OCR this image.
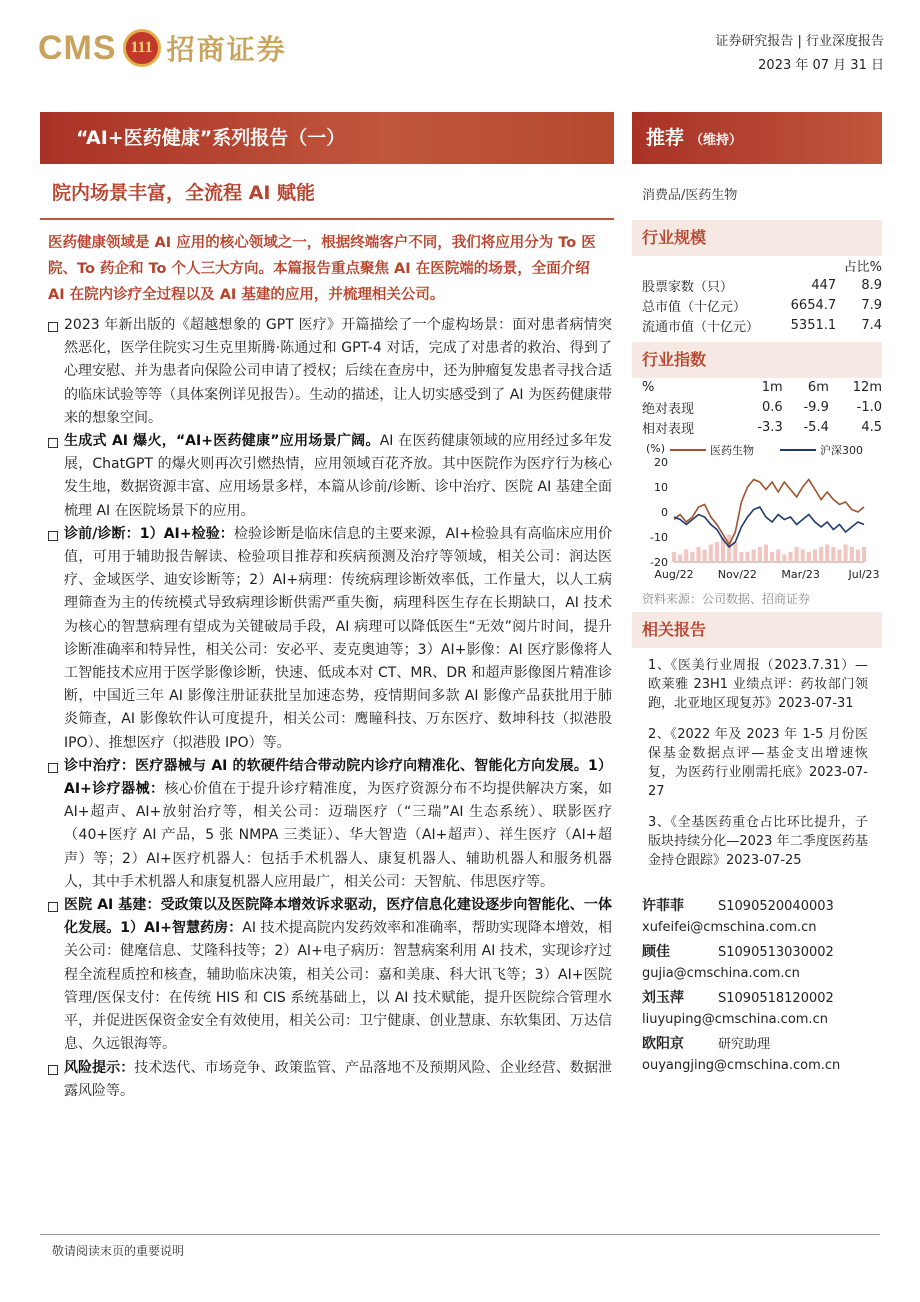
CMS 111 招商证券	证券研究报告 | 行业深度报告
2023 年 07 月 31 日
“AI+医药健康”系列报告（一）
院内场景丰富，全流程 AI 赋能
医药健康领域是 AI 应用的核心领域之一，根据终端客户不同，我们将应用分为 To 医院、To 药企和 To 个人三大方向。本篇报告重点聚焦 AI 在医院端的场景，全面介绍 AI 在院内诊疗全过程以及 AI 基建的应用，并梳理相关公司。

2023 年新出版的《超越想象的 GPT 医疗》开篇描绘了一个虚构场景：面对患者病情突然恶化，医学住院实习生克里斯腾·陈通过和 GPT-4 对话，完成了对患者的救治、得到了心理安慰、并为患者向保险公司申请了授权；后续在查房中，还为肿瘤复发患者寻找合适的临床试验等等（具体案例详见报告）。生动的描述，让人切实感受到了 AI 为医药健康带来的想象空间。

生成式 AI 爆火，“AI+医药健康”应用场景广阔。AI 在医药健康领域的应用经过多年发展，ChatGPT 的爆火则再次引燃热情，应用领域百花齐放。其中医院作为医疗行为核心发生地，数据资源丰富、应用场景多样，本篇从诊前/诊断、诊中治疗、医院 AI 基建全面梳理 AI 在医院场景下的应用。

诊前/诊断：1）AI+检验：检验诊断是临床信息的主要来源，AI+检验具有高临床应用价值，可用于辅助报告解读、检验项目推荐和疾病预测及治疗等领域，相关公司：润达医疗、金域医学、迪安诊断等；2）AI+病理：传统病理诊断效率低，工作量大，以人工病理筛查为主的传统模式导致病理诊断供需严重失衡，病理科医生存在长期缺口，AI 技术为核心的智慧病理有望成为关键破局手段，AI 病理可以降低医生“无效”阅片时间，提升诊断准确率和特异性，相关公司：安必平、麦克奥迪等；3）AI+影像：AI 医疗影像将人工智能技术应用于医学影像诊断，快速、低成本对 CT、MR、DR 和超声影像图片精准诊断，中国近三年 AI 影像注册证获批呈加速态势，疫情期间多款 AI 影像产品获批用于肺炎筛查，AI 影像软件认可度提升，相关公司：鹰瞳科技、万东医疗、数坤科技（拟港股 IPO）、推想医疗（拟港股 IPO）等。

诊中治疗：医疗器械与 AI 的软硬件结合带动院内诊疗向精准化、智能化方向发展。1）AI+诊疗器械：核心价值在于提升诊疗精准度，为医疗资源分布不均提供解决方案，如 AI+超声、AI+放射治疗等，相关公司：迈瑞医疗（“三瑞”AI 生态系统）、联影医疗（40+医疗 AI 产品，5 张 NMPA 三类证）、华大智造（AI+超声）、祥生医疗（AI+超声）等；2）AI+医疗机器人：包括手术机器人、康复机器人、辅助机器人和服务机器人，其中手术机器人和康复机器人应用最广，相关公司：天智航、伟思医疗等。

医院 AI 基建：受政策以及医院降本增效诉求驱动，医疗信息化建设逐步向智能化、一体化发展。1）AI+智慧药房：AI 技术提高院内发药效率和准确率，帮助实现降本增效，相关公司：健麾信息、艾隆科技等；2）AI+电子病历：智慧病案利用 AI 技术，实现诊疗过程全流程质控和核查，辅助临床决策，相关公司：嘉和美康、科大讯飞等；3）AI+医院管理/医保支付：在传统 HIS 和 CIS 系统基础上，以 AI 技术赋能，提升医院综合管理水平，并促进医保资金安全有效使用，相关公司：卫宁健康、创业慧康、东软集团、万达信息、久远银海等。

风险提示：技术迭代、市场竞争、政策监管、产品落地不及预期风险、企业经营、数据泄露风险等。

推荐 （维持）
消费品/医药生物
行业规模
		占比%
股票家数（只）	447	8.9
总市值（十亿元）	6654.7	7.9
流通市值（十亿元）	5351.1	7.4
行业指数
%	1m	6m	12m
绝对表现	0.6	-9.9	-1.0
相对表现	-3.3	-5.4	4.5
(%)	医药生物	沪深300
20
10
0
-10
-20
Aug/22 Nov/22 Mar/23	Jul/23
资料来源：公司数据、招商证券
相关报告
1、《医美行业周报（2023.7.31）—欧莱雅 23H1 业绩点评：药妆部门领跑，北亚地区现复苏》2023-07-31
2、《2022 年及 2023 年 1-5 月份医保基金数据点评—基金支出增速恢复，为医药行业刚需托底》2023-07-27
3、《全基医药重仓占比环比提升，子版块持续分化—2023 年二季度医药基金持仓跟踪》2023-07-25
许菲菲	S1090520040003
xufeifei@cmschina.com.cn
顾佳	S1090513030002
gujia@cmschina.com.cn
刘玉萍	S1090518120002
liuyuping@cmschina.com.cn
欧阳京	研究助理
ouyangjing@cmschina.com.cn
敬请阅读末页的重要说明
